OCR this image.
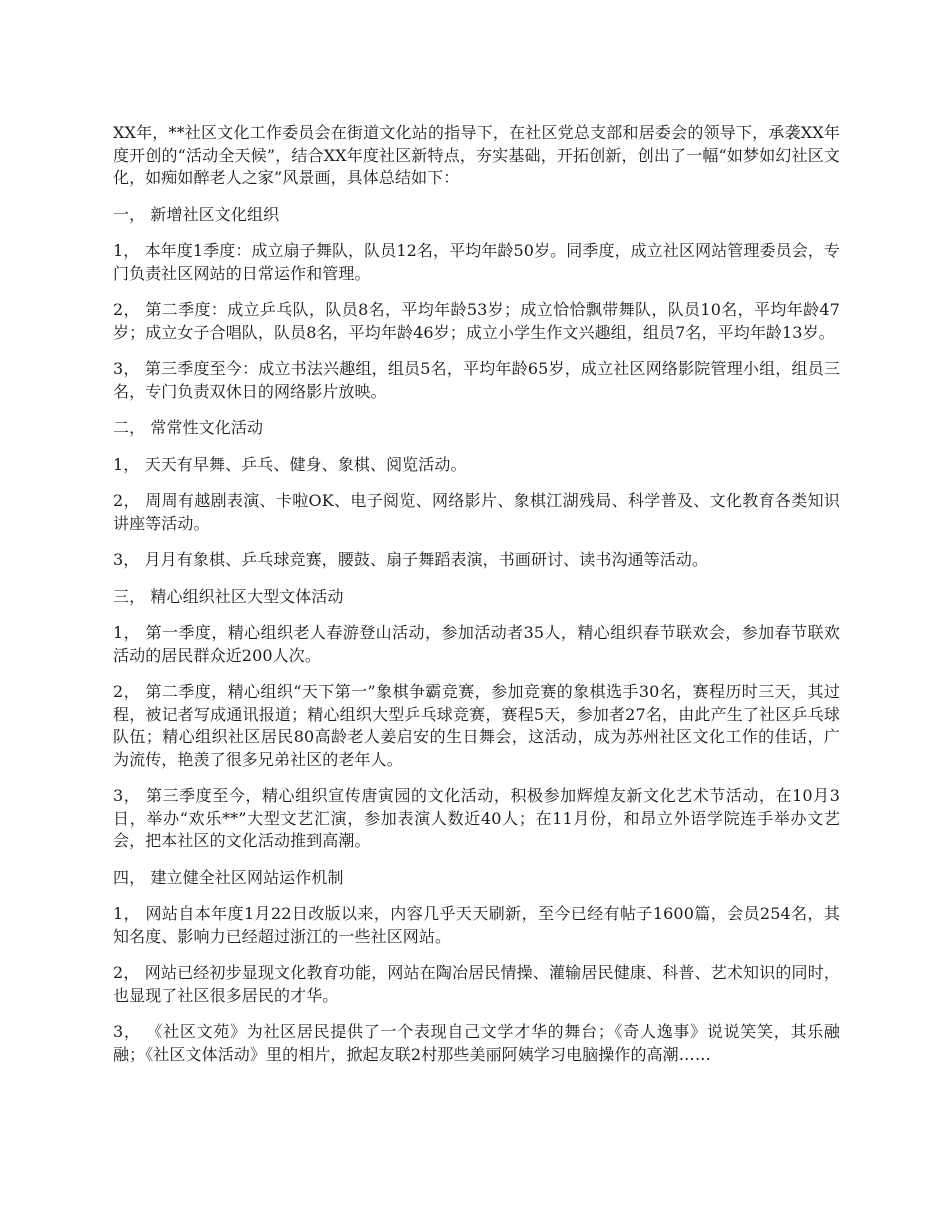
XX年，**社区文化工作委员会在街道文化站的指导下，在社区党总支部和居委会的领导下，承袭XX年度开创的“活动全天候”，结合XX年度社区新特点，夯实基础，开拓创新，创出了一幅“如梦如幻社区文化，如痴如醉老人之家”风景画，具体总结如下：

一， 新增社区文化组织

1， 本年度1季度：成立扇子舞队，队员12名，平均年龄50岁。同季度，成立社区网站管理委员会，专门负责社区网站的日常运作和管理。

2， 第二季度：成立乒乓队，队员8名，平均年龄53岁；成立恰恰飘带舞队，队员10名，平均年龄47岁；成立女子合唱队，队员8名，平均年龄46岁；成立小学生作文兴趣组，组员7名，平均年龄13岁。

3， 第三季度至今：成立书法兴趣组，组员5名，平均年龄65岁，成立社区网络影院管理小组，组员三名，专门负责双休日的网络影片放映。

二， 常常性文化活动

1， 天天有早舞、乒乓、健身、象棋、阅览活动。

2， 周周有越剧表演、卡啦OK、电子阅览、网络影片、象棋江湖残局、科学普及、文化教育各类知识讲座等活动。

3， 月月有象棋、乒乓球竞赛，腰鼓、扇子舞蹈表演，书画研讨、读书沟通等活动。

三， 精心组织社区大型文体活动

1， 第一季度，精心组织老人春游登山活动，参加活动者35人，精心组织春节联欢会，参加春节联欢活动的居民群众近200人次。

2， 第二季度，精心组织“天下第一”象棋争霸竞赛，参加竞赛的象棋选手30名，赛程历时三天，其过程，被记者写成通讯报道；精心组织大型乒乓球竞赛，赛程5天，参加者27名，由此产生了社区乒乓球队伍；精心组织社区居民80高龄老人姜启安的生日舞会，这活动，成为苏州社区文化工作的佳话，广为流传，艳羡了很多兄弟社区的老年人。

3， 第三季度至今，精心组织宣传唐寅园的文化活动，积极参加辉煌友新文化艺术节活动，在10月3日，举办“欢乐**”大型文艺汇演，参加表演人数近40人；在11月份，和昂立外语学院连手举办文艺会，把本社区的文化活动推到高潮。

四， 建立健全社区网站运作机制

1， 网站自本年度1月22日改版以来，内容几乎天天刷新，至今已经有帖子1600篇，会员254名，其知名度、影响力已经超过浙江的一些社区网站。

2， 网站已经初步显现文化教育功能，网站在陶冶居民情操、灌输居民健康、科普、艺术知识的同时，也显现了社区很多居民的才华。

3， 《社区文苑》为社区居民提供了一个表现自己文学才华的舞台；《奇人逸事》说说笑笑，其乐融融；《社区文体活动》里的相片，掀起友联2村那些美丽阿姨学习电脑操作的高潮……
